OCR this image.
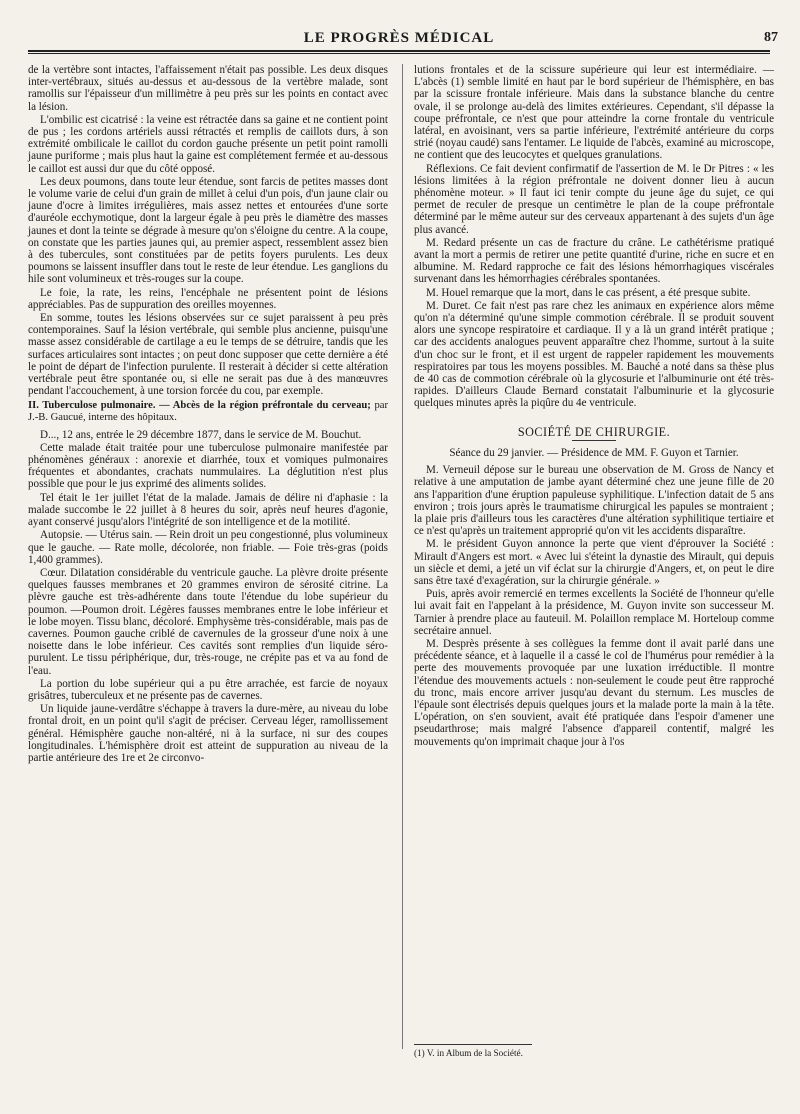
LE PROGRÈS MÉDICAL	87

de la vertèbre sont intactes, l'affaissement n'était pas possible. Les deux disques inter-vertébraux, situés au-dessus et au-dessous de la vertèbre malade, sont ramollis sur l'épaisseur d'un millimètre à peu près sur les points en contact avec la lésion.

L'ombilic est cicatrisé : la veine est rétractée dans sa gaine et ne contient point de pus ; les cordons artériels aussi rétractés et remplis de caillots durs, à son extrémité ombilicale le caillot du cordon gauche présente un petit point ramolli jaune puriforme ; mais plus haut la gaine est complétement fermée et au-dessous le caillot est aussi dur que du côté opposé.

Les deux poumons, dans toute leur étendue, sont farcis de petites masses dont le volume varie de celui d'un grain de millet à celui d'un pois, d'un jaune clair ou jaune d'ocre à limites irrégulières, mais assez nettes et entourées d'une sorte d'auréole ecchymotique, dont la largeur égale à peu près le diamètre des masses jaunes et dont la teinte se dégrade à mesure qu'on s'éloigne du centre. A la coupe, on constate que les parties jaunes qui, au premier aspect, ressemblent assez bien à des tubercules, sont constituées par de petits foyers purulents. Les deux poumons se laissent insuffler dans tout le reste de leur étendue. Les ganglions du hile sont volumineux et très-rouges sur la coupe.

Le foie, la rate, les reins, l'encéphale ne présentent point de lésions appréciables. Pas de suppuration des oreilles moyennes.

En somme, toutes les lésions observées sur ce sujet paraissent à peu près contemporaines. Sauf la lésion vertébrale, qui semble plus ancienne, puisqu'une masse assez considérable de cartilage a eu le temps de se détruire, tandis que les surfaces articulaires sont intactes ; on peut donc supposer que cette dernière a été le point de départ de l'infection purulente. Il resterait à décider si cette altération vertébrale peut être spontanée ou, si elle ne serait pas due à des manœuvres pendant l'accouchement, à une torsion forcée du cou, par exemple.

II. Tuberculose pulmonaire. — Abcès de la région préfrontale du cerveau; par J.-B. Gaucué, interne des hôpitaux.

D..., 12 ans, entrée le 29 décembre 1877, dans le service de M. Bouchut.

Cette malade était traitée pour une tuberculose pulmonaire manifestée par phénomènes généraux : anorexie et diarrhée, toux et vomiques pulmonaires fréquentes et abondantes, crachats nummulaires. La déglutition n'est plus possible que pour le jus exprimé des aliments solides.

Tel était le 1er juillet l'état de la malade. Jamais de délire ni d'aphasie : la malade succombe le 22 juillet à 8 heures du soir, après neuf heures d'agonie, ayant conservé jusqu'alors l'intégrité de son intelligence et de la motilité.

Autopsie. — Utérus sain. — Rein droit un peu congestionné, plus volumineux que le gauche. — Rate molle, décolorée, non friable. — Foie très-gras (poids 1,400 grammes).

Cœur. Dilatation considérable du ventricule gauche. La plèvre droite présente quelques fausses membranes et 20 grammes environ de sérosité citrine. La plèvre gauche est très-adhérente dans toute l'étendue du lobe supérieur du poumon. —Poumon droit. Légères fausses membranes entre le lobe inférieur et le lobe moyen. Tissu blanc, décoloré. Emphysème très-considérable, mais pas de cavernes. Poumon gauche criblé de cavernules de la grosseur d'une noix à une noisette dans le lobe inférieur. Ces cavités sont remplies d'un liquide séro-purulent. Le tissu périphérique, dur, très-rouge, ne crépite pas et va au fond de l'eau.

La portion du lobe supérieur qui a pu être arrachée, est farcie de noyaux grisâtres, tuberculeux et ne présente pas de cavernes.

Un liquide jaune-verdâtre s'échappe à travers la dure-mère, au niveau du lobe frontal droit, en un point qu'il s'agit de préciser. Cerveau léger, ramollissement général. Hémisphère gauche non-altéré, ni à la surface, ni sur des coupes longitudinales. L'hémisphère droit est atteint de suppuration au niveau de la partie antérieure des 1re et 2e circonvo-

lutions frontales et de la scissure supérieure qui leur est intermédiaire. — L'abcès (1) semble limité en haut par le bord supérieur de l'hémisphère, en bas par la scissure frontale inférieure. Mais dans la substance blanche du centre ovale, il se prolonge au-delà des limites extérieures. Cependant, s'il dépasse la coupe préfrontale, ce n'est que pour atteindre la corne frontale du ventricule latéral, en avoisinant, vers sa partie inférieure, l'extrémité antérieure du corps strié (noyau caudé) sans l'entamer. Le liquide de l'abcès, examiné au microscope, ne contient que des leucocytes et quelques granulations.

Réflexions. Ce fait devient confirmatif de l'assertion de M. le Dr Pitres : « les lésions limitées à la région préfrontale ne doivent donner lieu à aucun phénomène moteur. » Il faut ici tenir compte du jeune âge du sujet, ce qui permet de reculer de presque un centimètre le plan de la coupe préfrontale déterminé par le même auteur sur des cerveaux appartenant à des sujets d'un âge plus avancé.

M. Redard présente un cas de fracture du crâne. Le cathétérisme pratiqué avant la mort a permis de retirer une petite quantité d'urine, riche en sucre et en albumine. M. Redard rapproche ce fait des lésions hémorrhagiques viscérales survenant dans les hémorrhagies cérébrales spontanées.

M. Houel remarque que la mort, dans le cas présent, a été presque subite.

M. Duret. Ce fait n'est pas rare chez les animaux en expérience alors même qu'on n'a déterminé qu'une simple commotion cérébrale. Il se produit souvent alors une syncope respiratoire et cardiaque. Il y a là un grand intérêt pratique ; car des accidents analogues peuvent apparaître chez l'homme, surtout à la suite d'un choc sur le front, et il est urgent de rappeler rapidement les mouvements respiratoires par tous les moyens possibles. M. Bauché a noté dans sa thèse plus de 40 cas de commotion cérébrale où la glycosurie et l'albuminurie ont été très-rapides. D'ailleurs Claude Bernard constatait l'albuminurie et la glycosurie quelques minutes après la piqûre du 4e ventricule.

SOCIÉTÉ DE CHIRURGIE.

Séance du 29 janvier. — Présidence de MM. F. Guyon et Tarnier.

M. Verneuil dépose sur le bureau une observation de M. Gross de Nancy et relative à une amputation de jambe ayant déterminé chez une jeune fille de 20 ans l'apparition d'une éruption papuleuse syphilitique. L'infection datait de 5 ans environ ; trois jours après le traumatisme chirurgical les papules se montraient ; la plaie pris d'ailleurs tous les caractères d'une altération syphilitique tertiaire et ce n'est qu'après un traitement approprié qu'on vit les accidents disparaître.

M. le président Guyon annonce la perte que vient d'éprouver la Société : Mirault d'Angers est mort. « Avec lui s'éteint la dynastie des Mirault, qui depuis un siècle et demi, a jeté un vif éclat sur la chirurgie d'Angers, et, on peut le dire sans être taxé d'exagération, sur la chirurgie générale. »

Puis, après avoir remercié en termes excellents la Société de l'honneur qu'elle lui avait fait en l'appelant à la présidence, M. Guyon invite son successeur M. Tarnier à prendre place au fauteuil. M. Polaillon remplace M. Horteloup comme secrétaire annuel.

M. Desprès présente à ses collègues la femme dont il avait parlé dans une précédente séance, et à laquelle il a cassé le col de l'humérus pour remédier à la perte des mouvements provoquée par une luxation irréductible. Il montre l'étendue des mouvements actuels : non-seulement le coude peut être rapproché du tronc, mais encore arriver jusqu'au devant du sternum. Les muscles de l'épaule sont électrisés depuis quelques jours et la malade porte la main à la tête. L'opération, on s'en souvient, avait été pratiquée dans l'espoir d'amener une pseudarthrose; mais malgré l'absence d'appareil contentif, malgré les mouvements qu'on imprimait chaque jour à l'os

(1) V. in Album de la Société.
